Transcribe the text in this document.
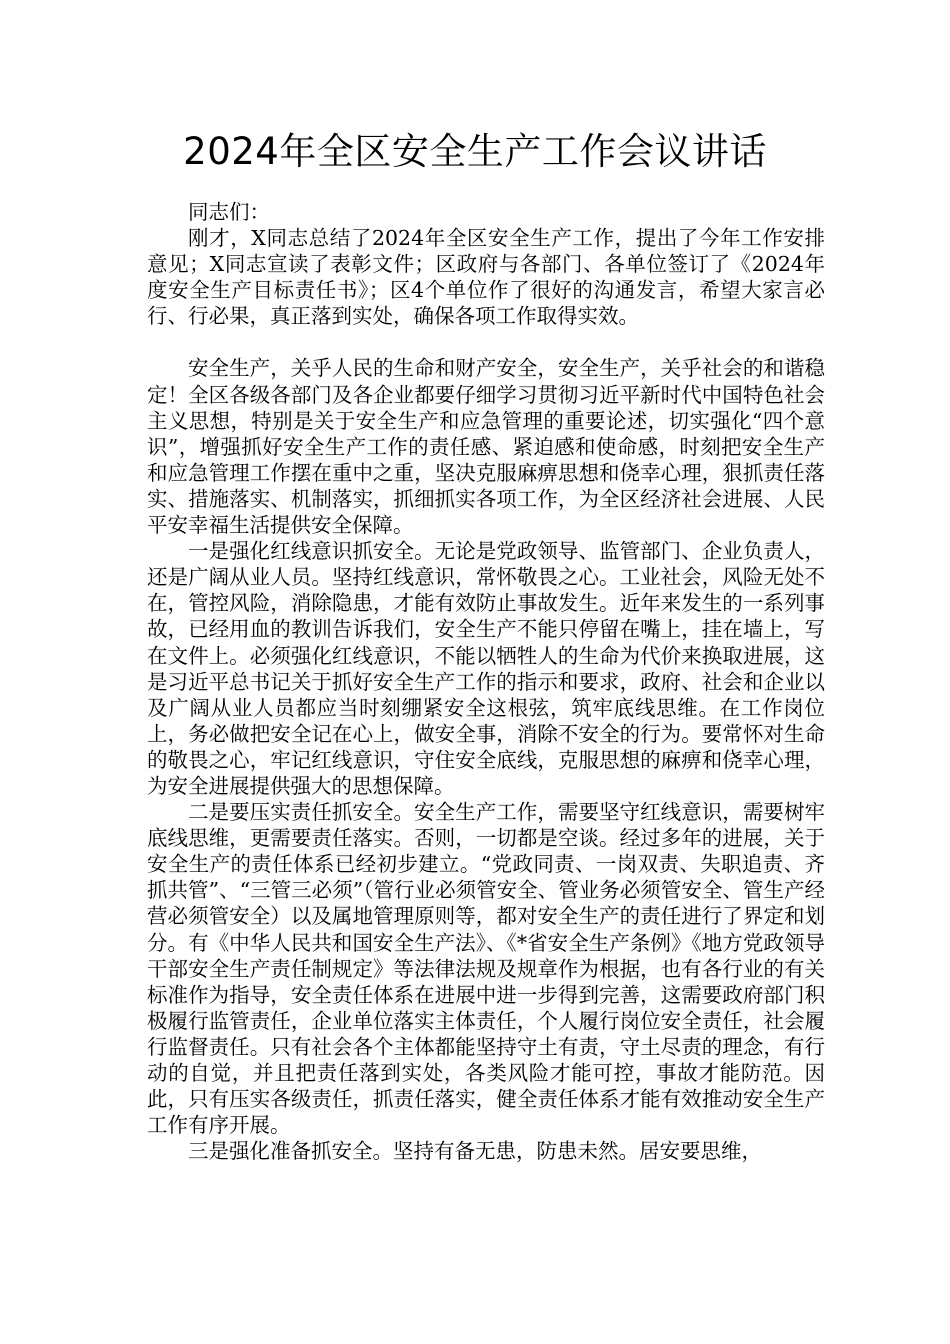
2024年全区安全生产工作会议讲话

同志们：

刚才，X同志总结了2024年全区安全生产工作，提出了今年工作安排意见；X同志宣读了表彰文件；区政府与各部门、各单位签订了《2024年度安全生产目标责任书》；区4个单位作了很好的沟通发言，希望大家言必行、行必果，真正落到实处，确保各项工作取得实效。

安全生产，关乎人民的生命和财产安全，安全生产，关乎社会的和谐稳定！全区各级各部门及各企业都要仔细学习贯彻习近平新时代中国特色社会主义思想，特别是关于安全生产和应急管理的重要论述，切实强化“四个意识”，增强抓好安全生产工作的责任感、紧迫感和使命感，时刻把安全生产和应急管理工作摆在重中之重，坚决克服麻痹思想和侥幸心理，狠抓责任落实、措施落实、机制落实，抓细抓实各项工作，为全区经济社会进展、人民平安幸福生活提供安全保障。

一是强化红线意识抓安全。无论是党政领导、监管部门、企业负责人，还是广阔从业人员。坚持红线意识，常怀敬畏之心。工业社会，风险无处不在，管控风险，消除隐患，才能有效防止事故发生。近年来发生的一系列事故，已经用血的教训告诉我们，安全生产不能只停留在嘴上，挂在墙上，写在文件上。必须强化红线意识，不能以牺牲人的生命为代价来换取进展，这是习近平总书记关于抓好安全生产工作的指示和要求，政府、社会和企业以及广阔从业人员都应当时刻绷紧安全这根弦，筑牢底线思维。在工作岗位上，务必做把安全记在心上，做安全事，消除不安全的行为。要常怀对生命的敬畏之心，牢记红线意识，守住安全底线，克服思想的麻痹和侥幸心理，为安全进展提供强大的思想保障。

二是要压实责任抓安全。安全生产工作，需要坚守红线意识，需要树牢底线思维，更需要责任落实。否则，一切都是空谈。经过多年的进展，关于安全生产的责任体系已经初步建立。“党政同责、一岗双责、失职追责、齐抓共管”、“三管三必须”（管行业必须管安全、管业务必须管安全、管生产经营必须管安全）以及属地管理原则等，都对安全生产的责任进行了界定和划分。有《中华人民共和国安全生产法》、《*省安全生产条例》《地方党政领导干部安全生产责任制规定》等法律法规及规章作为根据，也有各行业的有关标准作为指导，安全责任体系在进展中进一步得到完善，这需要政府部门积极履行监管责任，企业单位落实主体责任，个人履行岗位安全责任，社会履行监督责任。只有社会各个主体都能坚持守土有责，守土尽责的理念，有行动的自觉，并且把责任落到实处，各类风险才能可控，事故才能防范。因此，只有压实各级责任，抓责任落实，健全责任体系才能有效推动安全生产工作有序开展。

三是强化准备抓安全。坚持有备无患，防患未然。居安要思维，
